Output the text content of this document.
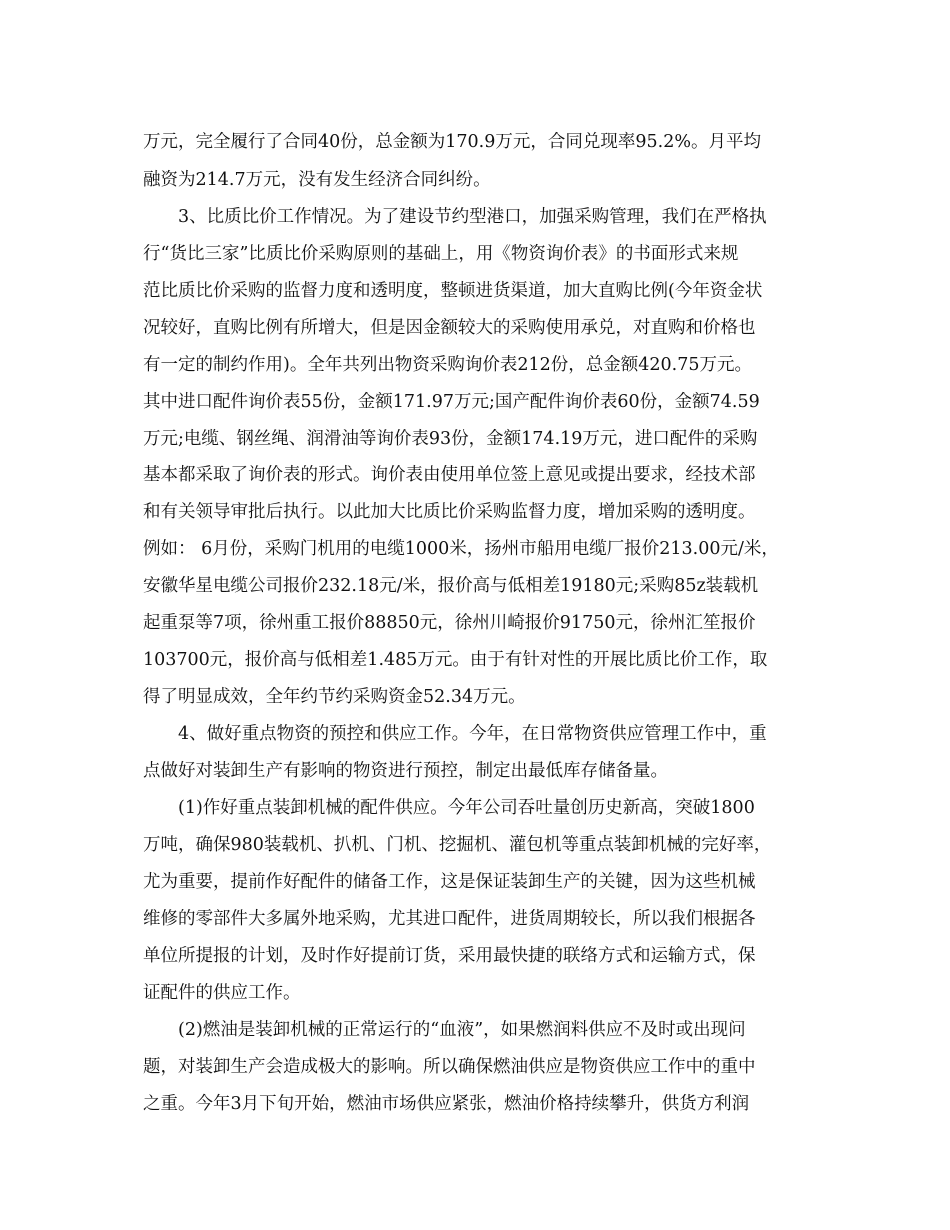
万元，完全履行了合同40份，总金额为170.9万元，合同兑现率95.2%。月平均
融资为214.7万元，没有发生经济合同纠纷。
3、比质比价工作情况。为了建设节约型港口，加强采购管理，我们在严格执
行“货比三家”比质比价采购原则的基础上，用《物资询价表》的书面形式来规
范比质比价采购的监督力度和透明度，整顿进货渠道，加大直购比例(今年资金状
况较好，直购比例有所增大，但是因金额较大的采购使用承兑，对直购和价格也
有一定的制约作用)。全年共列出物资采购询价表212份，总金额420.75万元。
其中进口配件询价表55份，金额171.97万元;国产配件询价表60份，金额74.59
万元;电缆、钢丝绳、润滑油等询价表93份，金额174.19万元，进口配件的采购
基本都采取了询价表的形式。询价表由使用单位签上意见或提出要求，经技术部
和有关领导审批后执行。以此加大比质比价采购监督力度，增加采购的透明度。
例如： 6月份，采购门机用的电缆1000米，扬州市船用电缆厂报价213.00元/米，
安徽华星电缆公司报价232.18元/米，报价高与低相差19180元;采购85z装载机
起重泵等7项，徐州重工报价88850元，徐州川崎报价91750元，徐州汇笙报价
103700元，报价高与低相差1.485万元。由于有针对性的开展比质比价工作，取
得了明显成效，全年约节约采购资金52.34万元。
4、做好重点物资的预控和供应工作。今年，在日常物资供应管理工作中，重
点做好对装卸生产有影响的物资进行预控，制定出最低库存储备量。
(1)作好重点装卸机械的配件供应。今年公司吞吐量创历史新高，突破1800
万吨，确保980装载机、扒机、门机、挖掘机、灌包机等重点装卸机械的完好率，
尤为重要，提前作好配件的储备工作，这是保证装卸生产的关键，因为这些机械
维修的零部件大多属外地采购，尤其进口配件，进货周期较长，所以我们根据各
单位所提报的计划，及时作好提前订货，采用最快捷的联络方式和运输方式，保
证配件的供应工作。
(2)燃油是装卸机械的正常运行的“血液”，如果燃润料供应不及时或出现问
题，对装卸生产会造成极大的影响。所以确保燃油供应是物资供应工作中的重中
之重。今年3月下旬开始，燃油市场供应紧张，燃油价格持续攀升，供货方利润
